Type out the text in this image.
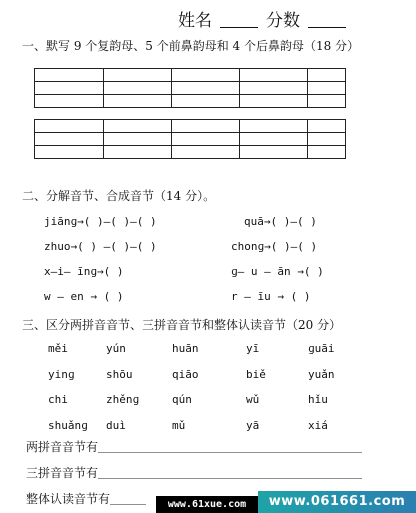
姓名	分数
一、默写 9 个复韵母、5 个前鼻韵母和 4 个后鼻韵母（18 分）
二、分解音节、合成音节（14 分）。
jiānɡ→( )—( )—( )	quā→( )—( )
zhuo→( ) —( )—( )	chonɡ→( )—( )
x—i— īnɡ→( )	ɡ— u — ān →( )
w — en → ( )	r — īu → ( )
三、区分两拼音音节、三拼音音节和整体认读音节（20 分）
měi	yún	huān	yī	ɡuāi
yinɡ	shōu	qiāo	biě	yuǎn
chi	zhěnɡ	qún	wǔ	hǐu
shuǎnɡ duì	mǔ	yā	xiá
两拼音音节有＿＿＿＿＿＿＿＿＿＿＿＿＿＿＿＿＿＿＿＿＿＿
三拼音音节有＿＿＿＿＿＿＿＿＿＿＿＿＿＿＿＿＿＿＿＿＿＿
整体认读音节有＿＿＿	www.61xue.com	www.061661.com
